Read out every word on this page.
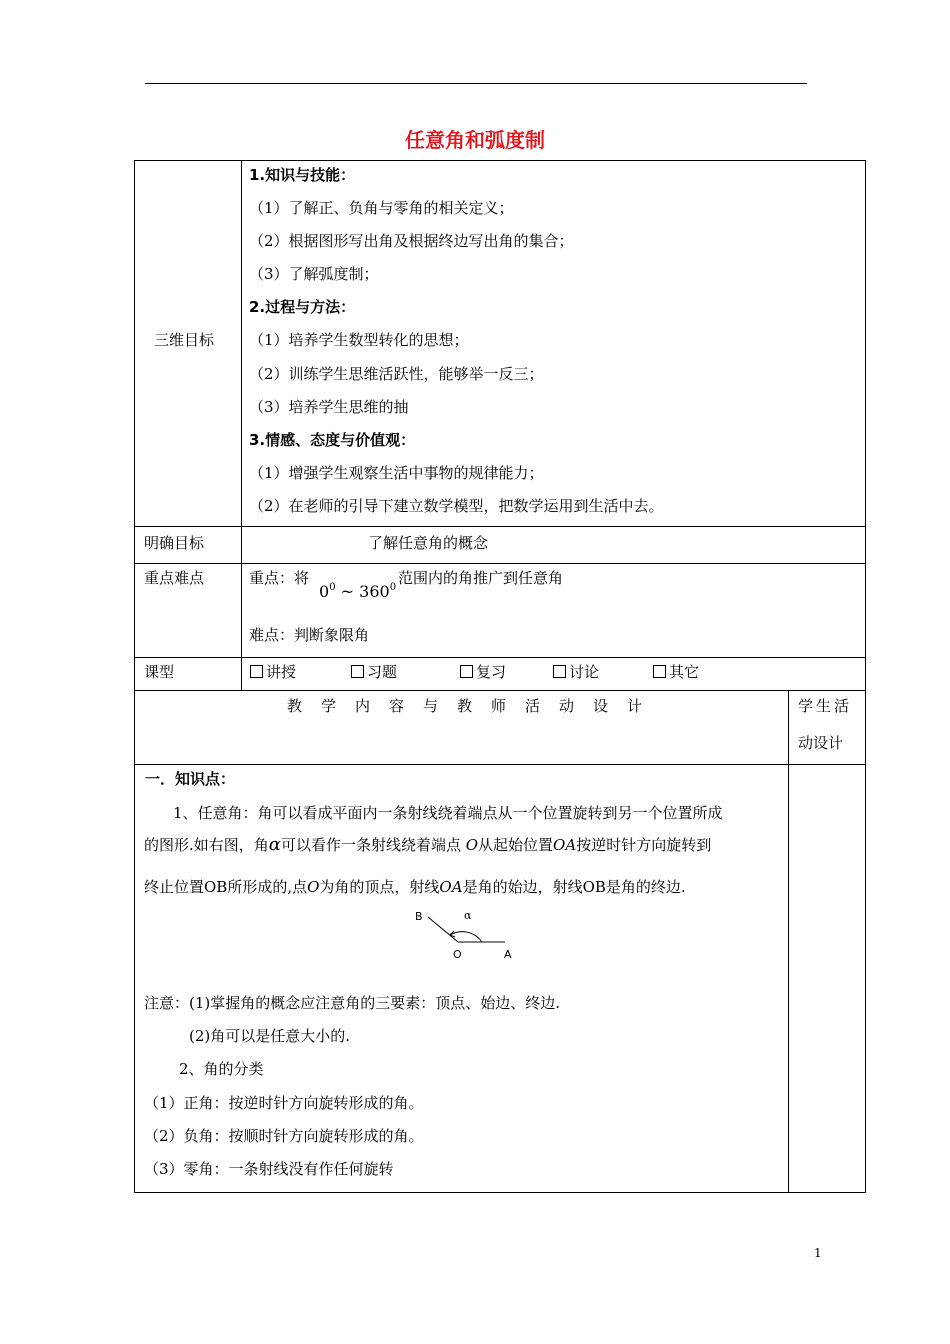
任意角和弧度制
三维目标
1.知识与技能：
（1）了解正、负角与零角的相关定义；
（2）根据图形写出角及根据终边写出角的集合；
（3）了解弧度制；
2.过程与方法：
（1）培养学生数型转化的思想；
（2）训练学生思维活跃性，能够举一反三；
（3）培养学生思维的抽
3.情感、态度与价值观：
（1）增强学生观察生活中事物的规律能力；
（2）在老师的引导下建立数学模型，把数学运用到生活中去。
明确目标	了解任意角的概念
重点难点	重点：将
$0^0$ ~ $360^0$
范围内的角推广到任意角
难点：判断象限角
课型	讲授	习题	复习	讨论	其它
教学内容与教师活动设计	学生活
动设计
一．知识点：
1、任意角：角可以看成平面内一条射线绕着端点从一个位置旋转到另一个位置所成
的图形.如右图，角α可以看作一条射线绕着端点 O从起始位置OA按逆时针方向旋转到
终止位置OB所形成的,点O为角的顶点，射线OA是角的始边，射线OB是角的终边.
B	α
O	A
注意：(1)掌握角的概念应注意角的三要素：顶点、始边、终边.
(2)角可以是任意大小的.
2、角的分类
（1）正角：按逆时针方向旋转形成的角。
（2）负角：按顺时针方向旋转形成的角。
（3）零角：一条射线没有作任何旋转
1
